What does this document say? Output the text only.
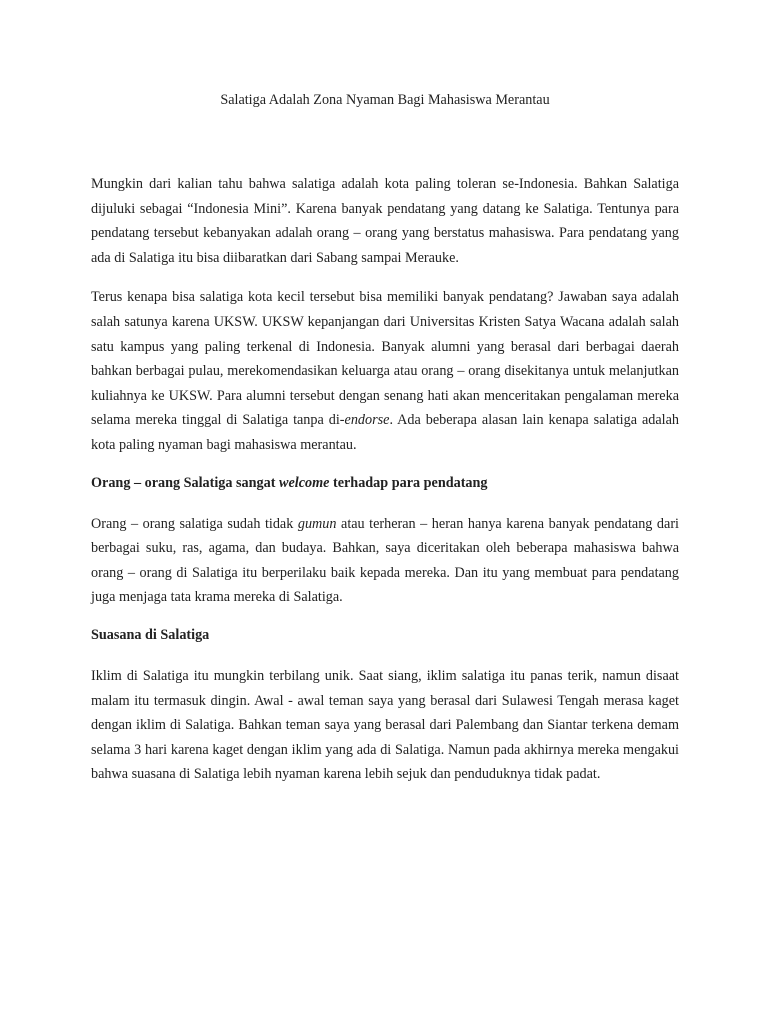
Salatiga Adalah Zona Nyaman Bagi Mahasiswa Merantau

Mungkin dari kalian tahu bahwa salatiga adalah kota paling toleran se-Indonesia. Bahkan Salatiga dijuluki sebagai “Indonesia Mini”. Karena banyak pendatang yang datang ke Salatiga. Tentunya para pendatang tersebut kebanyakan adalah orang – orang yang berstatus mahasiswa. Para pendatang yang ada di Salatiga itu bisa diibaratkan dari Sabang sampai Merauke.

Terus kenapa bisa salatiga kota kecil tersebut bisa memiliki banyak pendatang? Jawaban saya adalah salah satunya karena UKSW. UKSW kepanjangan dari Universitas Kristen Satya Wacana adalah salah satu kampus yang paling terkenal di Indonesia. Banyak alumni yang berasal dari berbagai daerah bahkan berbagai pulau, merekomendasikan keluarga atau orang – orang disekitanya untuk melanjutkan kuliahnya ke UKSW. Para alumni tersebut dengan senang hati akan menceritakan pengalaman mereka selama mereka tinggal di Salatiga tanpa di-endorse. Ada beberapa alasan lain kenapa salatiga adalah kota paling nyaman bagi mahasiswa merantau.

Orang – orang Salatiga sangat welcome terhadap para pendatang

Orang – orang salatiga sudah tidak gumun atau terheran – heran hanya karena banyak pendatang dari berbagai suku, ras, agama, dan budaya. Bahkan, saya diceritakan oleh beberapa mahasiswa bahwa orang – orang di Salatiga itu berperilaku baik kepada mereka. Dan itu yang membuat para pendatang juga menjaga tata krama mereka di Salatiga.

Suasana di Salatiga

Iklim di Salatiga itu mungkin terbilang unik. Saat siang, iklim salatiga itu panas terik, namun disaat malam itu termasuk dingin. Awal - awal teman saya yang berasal dari Sulawesi Tengah merasa kaget dengan iklim di Salatiga. Bahkan teman saya yang berasal dari Palembang dan Siantar terkena demam selama 3 hari karena kaget dengan iklim yang ada di Salatiga. Namun pada akhirnya mereka mengakui bahwa suasana di Salatiga lebih nyaman karena lebih sejuk dan penduduknya tidak padat.
